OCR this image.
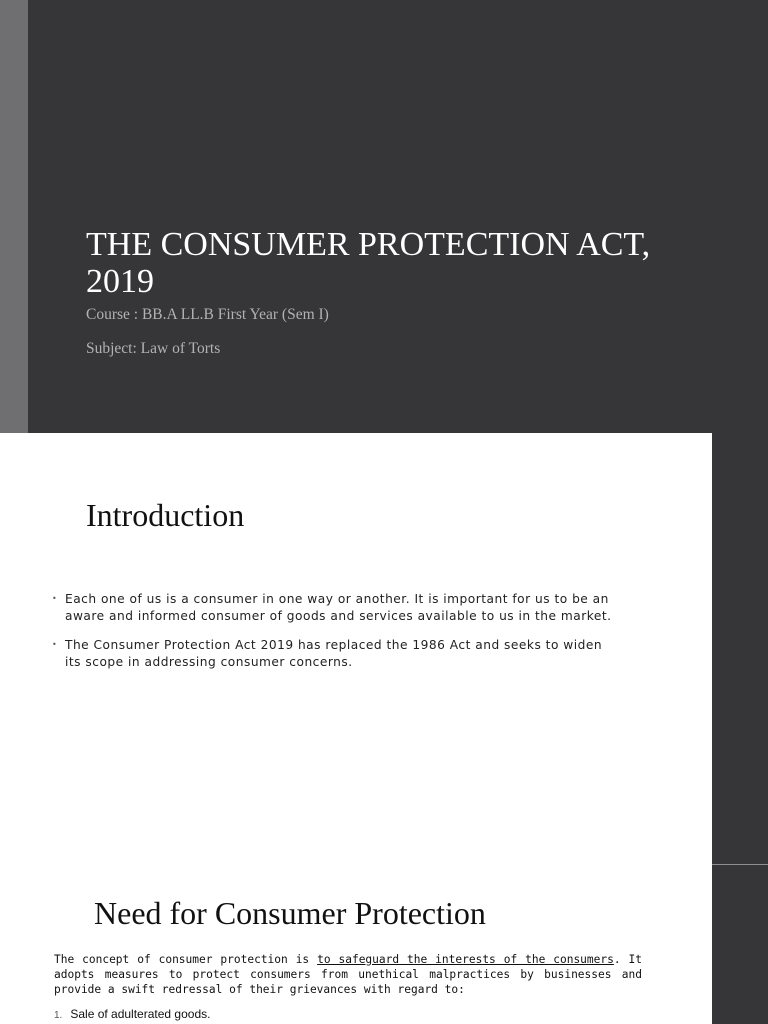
THE CONSUMER PROTECTION ACT, 2019
Course : BB.A LL.B First Year (Sem I)
Subject: Law of Torts
Introduction
• Each one of us is a consumer in one way or another. It is important for us to be an aware and informed consumer of goods and services available to us in the market.
• The Consumer Protection Act 2019 has replaced the 1986 Act and seeks to widen its scope in addressing consumer concerns.
Need for Consumer Protection

The concept of consumer protection is to safeguard the interests of the consumers. It adopts measures to protect consumers from unethical malpractices by businesses and provide a swift redressal of their grievances with regard to:

1. Sale of adulterated goods.
